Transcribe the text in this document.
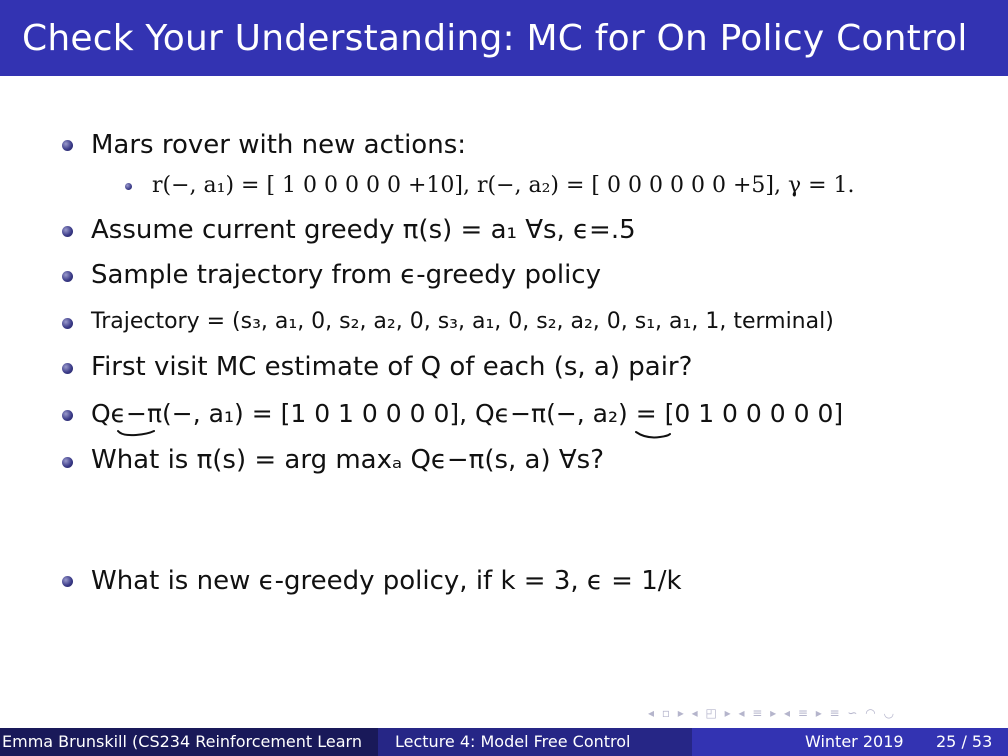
Check Your Understanding: MC for On Policy Control
Mars rover with new actions:
r(−, a₁) = [ 1 0 0 0 0 0 +10], r(−, a₂) = [ 0 0 0 0 0 0 +5], γ = 1.
Assume current greedy π(s) = a₁ ∀s, ϵ=.5
Sample trajectory from ϵ-greedy policy
Trajectory = (s₃, a₁, 0, s₂, a₂, 0, s₃, a₁, 0, s₂, a₂, 0, s₁, a₁, 1, terminal)
First visit MC estimate of Q of each (s, a) pair?
Qϵ−π(−, a₁) = [1 0 1 0 0 0 0], Qϵ−π(−, a₂) = [0 1 0 0 0 0 0]
What is π(s) = arg maxₐ Qϵ−π(s, a) ∀s?
What is new ϵ-greedy policy, if k = 3, ϵ = 1/k
◂ ▫ ▸ ◂ ◰ ▸ ◂ ≡ ▸ ◂ ≡ ▸ ≡ ∽ ◠ ◡
Emma Brunskill (CS234 Reinforcement Learn	Lecture 4: Model Free Control	Winter 2019 25 / 53
